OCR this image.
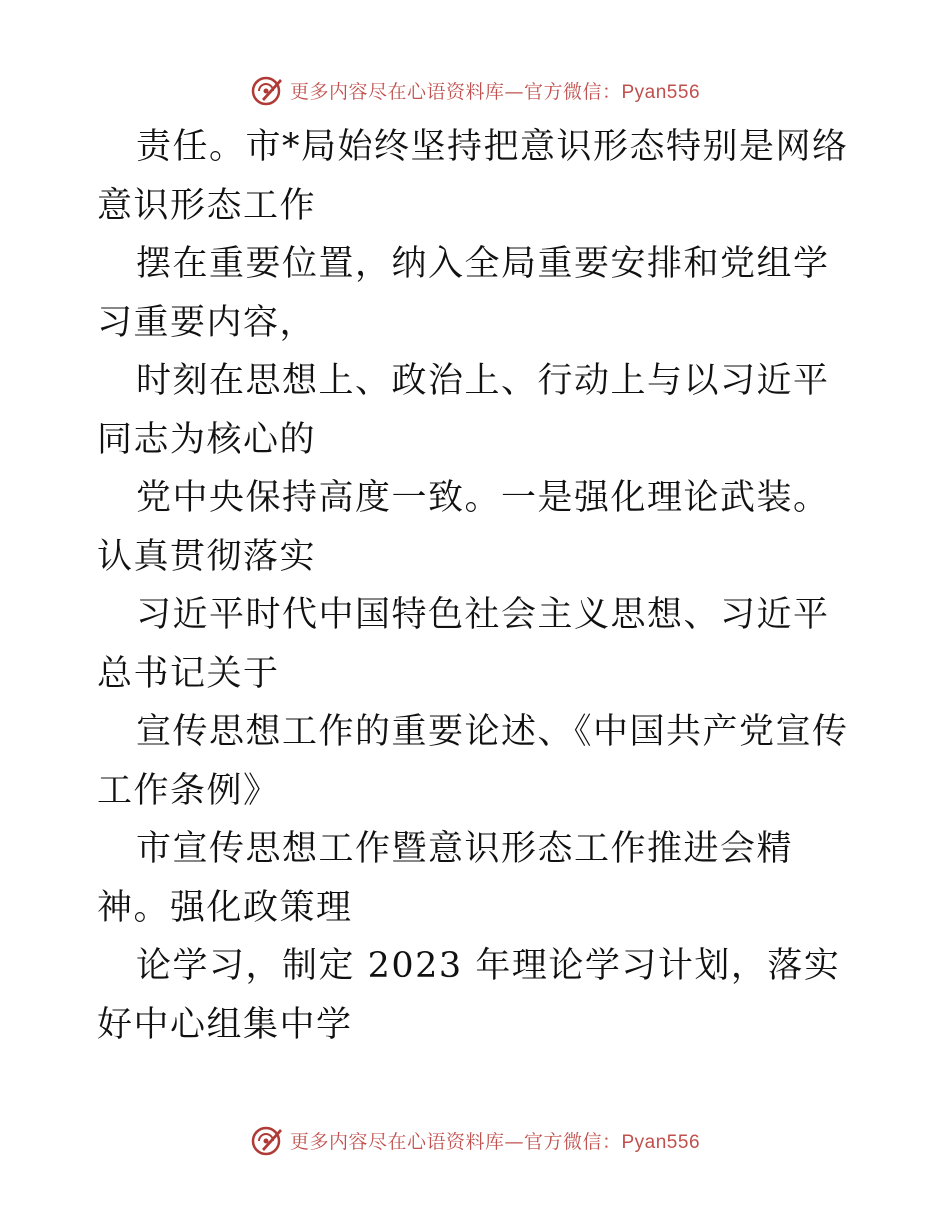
更多内容尽在心语资料库—官方微信：Pyan556

责任。市*局始终坚持把意识形态特别是网络意识形态工作

摆在重要位置，纳入全局重要安排和党组学习重要内容，

时刻在思想上、政治上、行动上与以习近平同志为核心的

党中央保持高度一致。一是强化理论武装。认真贯彻落实

习近平时代中国特色社会主义思想、习近平总书记关于

宣传思想工作的重要论述、《中国共产党宣传工作条例》

市宣传思想工作暨意识形态工作推进会精神。强化政策理

论学习，制定 2023 年理论学习计划，落实好中心组集中学

更多内容尽在心语资料库—官方微信：Pyan556
